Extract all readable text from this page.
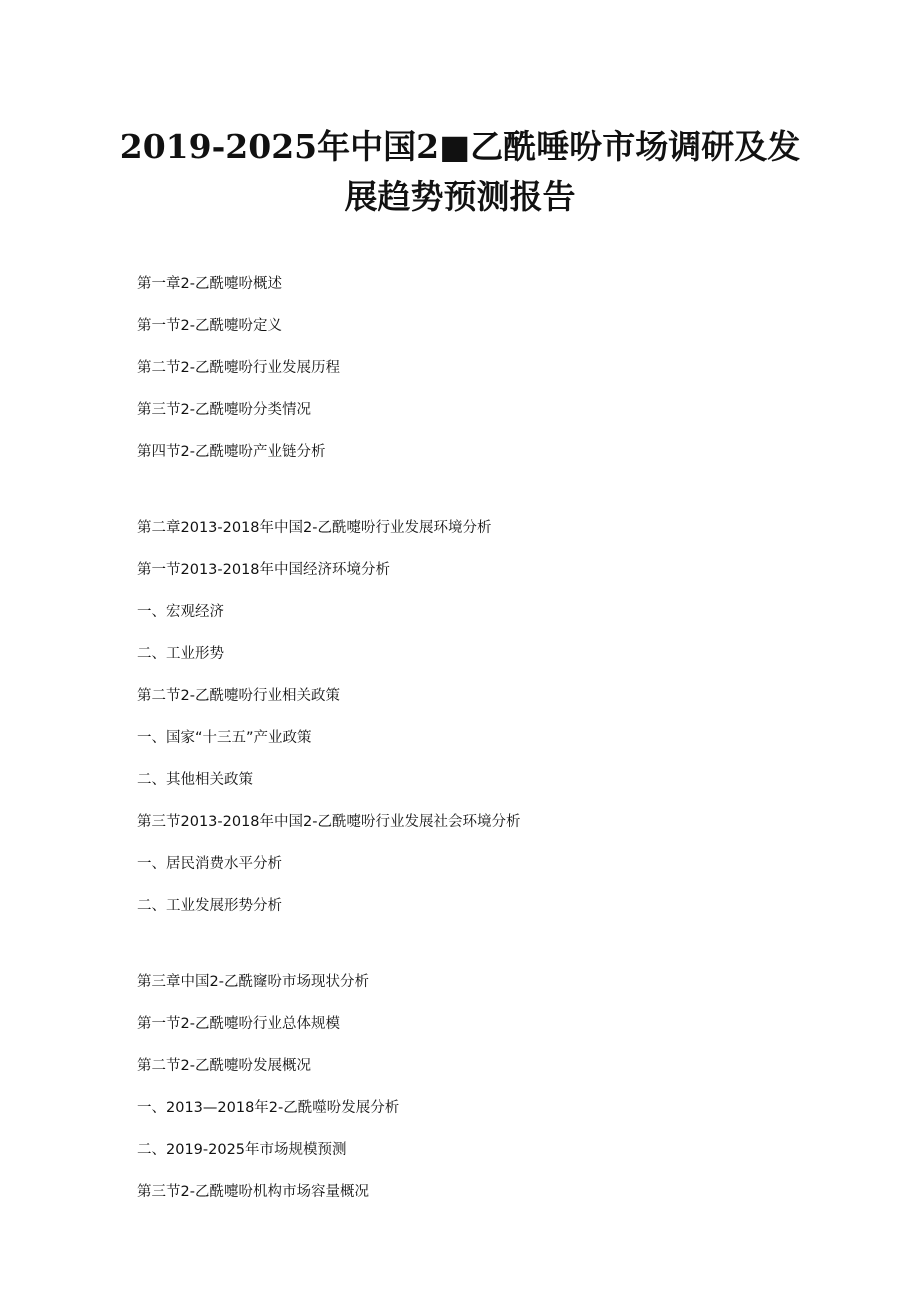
2019-2025年中国2■乙酰唾吩市场调研及发
展趋势预测报告
第一章2-乙酰嚏吩概述
第一节2-乙酰嚏吩定义
第二节2-乙酰嚏吩行业发展历程
第三节2-乙酰嚏吩分类情况
第四节2-乙酰嚏吩产业链分析
第二章2013-2018年中国2-乙酰嚏吩行业发展环境分析
第一节2013-2018年中国经济环境分析
一、宏观经济
二、工业形势
第二节2-乙酰嚏吩行业相关政策
一、国家“十三五”产业政策
二、其他相关政策
第三节2013-2018年中国2-乙酰嚏吩行业发展社会环境分析
一、居民消费水平分析
二、工业发展形势分析
第三章中国2-乙酰窿吩市场现状分析
第一节2-乙酰嚏吩行业总体规模
第二节2-乙酰嚏吩发展概况
一、2013—2018年2-乙酰噬吩发展分析
二、2019-2025年市场规模预测
第三节2-乙酰嚏吩机构市场容量概况
